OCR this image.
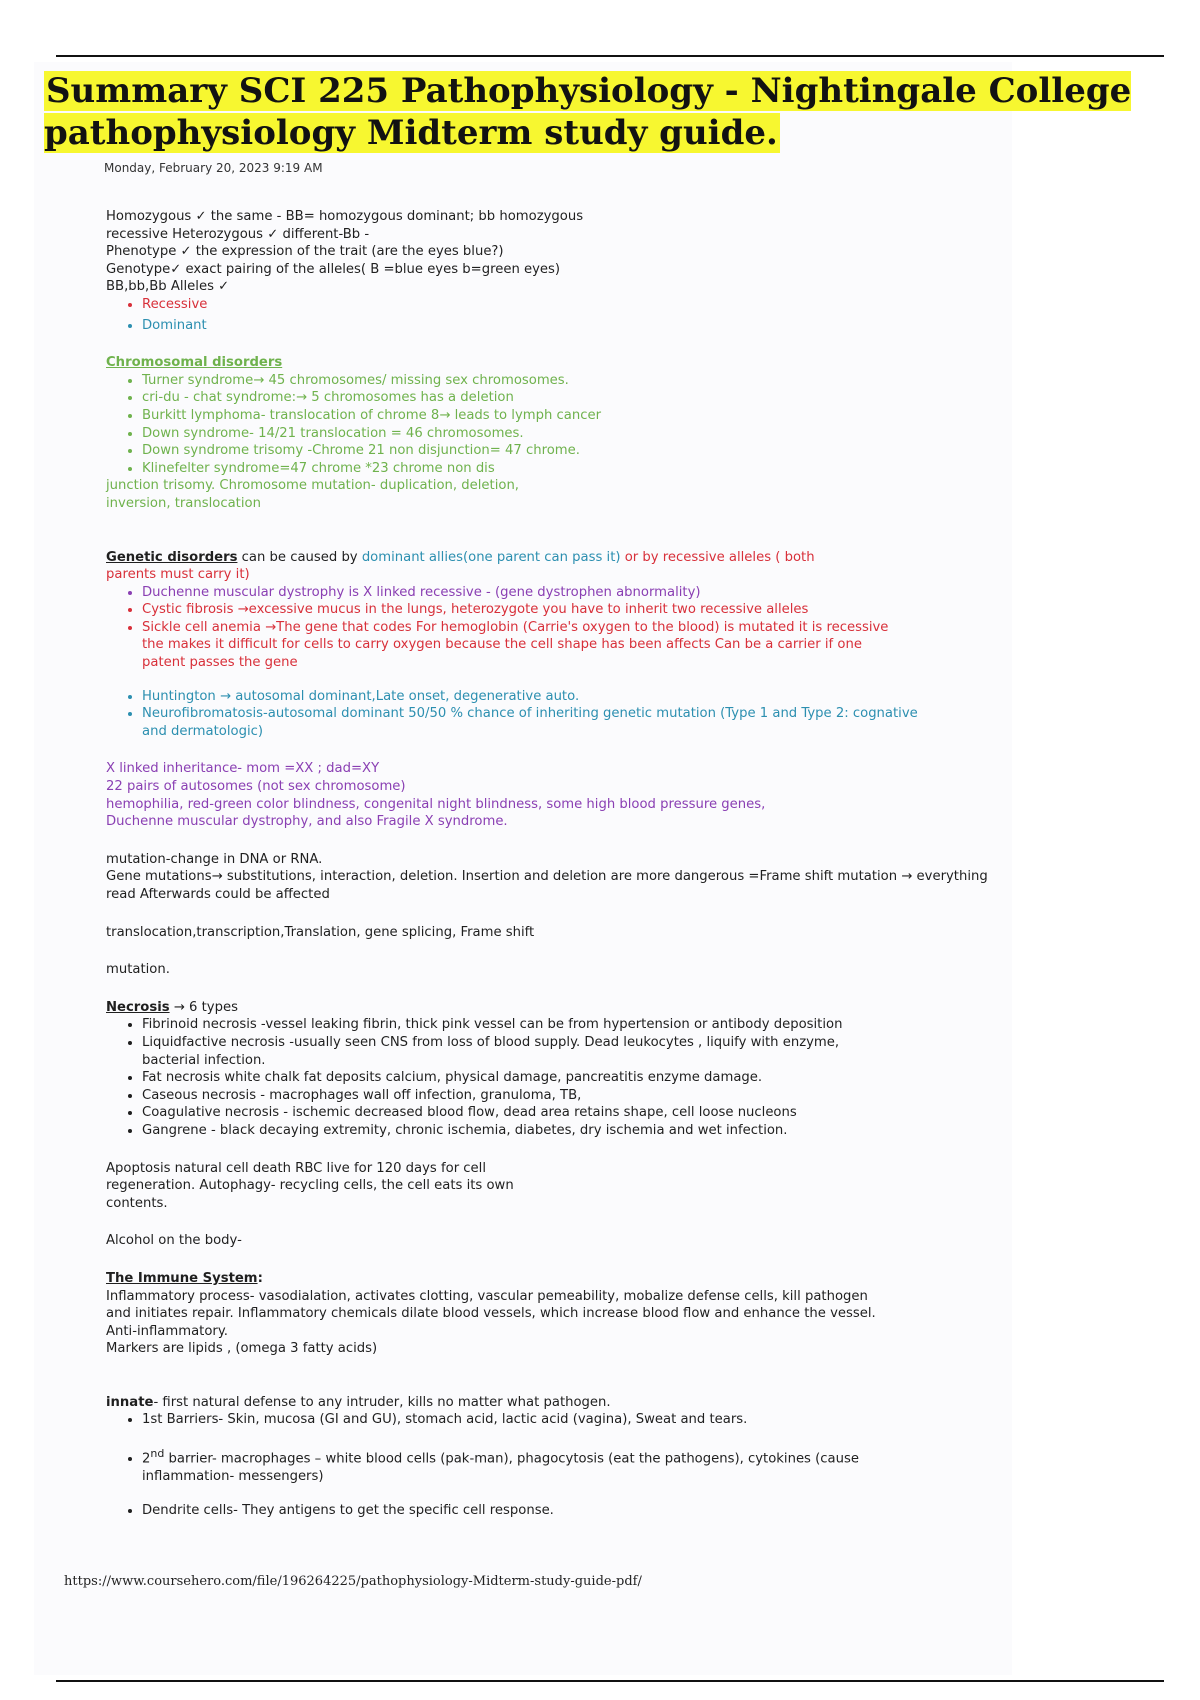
Summary SCI 225 Pathophysiology - Nightingale College pathophysiology Midterm study guide.

Monday, February 20, 2023 9:19 AM

Homozygous ✓ the same - BB= homozygous dominant; bb homozygous

recessive Heterozygous ✓ different-Bb -

Phenotype ✓ the expression of the trait (are the eyes blue?)

Genotype✓ exact pairing of the alleles( B =blue eyes b=green eyes)

BB,bb,Bb Alleles ✓

• Recessive
• Dominant

Chromosomal disorders

• Turner syndrome→ 45 chromosomes/ missing sex chromosomes.
• cri-du - chat syndrome:→ 5 chromosomes has a deletion
• Burkitt lymphoma- translocation of chrome 8→ leads to lymph cancer
• Down syndrome- 14/21 translocation = 46 chromosomes.
• Down syndrome trisomy -Chrome 21 non disjunction= 47 chrome.
• Klinefelter syndrome=47 chrome *23 chrome non dis

junction trisomy. Chromosome mutation- duplication, deletion,

inversion, translocation

Genetic disorders can be caused by dominant allies(one parent can pass it) or by recessive alleles ( both parents must carry it)

• Duchenne muscular dystrophy is X linked recessive - (gene dystrophen abnormality)
• Cystic fibrosis →excessive mucus in the lungs, heterozygote you have to inherit two recessive alleles
• Sickle cell anemia →The gene that codes For hemoglobin (Carrie's oxygen to the blood) is mutated it is recessive the makes it difficult for cells to carry oxygen because the cell shape has been affects Can be a carrier if one patent passes the gene
• Huntington → autosomal dominant,Late onset, degenerative auto.
• Neurofibromatosis-autosomal dominant 50/50 % chance of inheriting genetic mutation (Type 1 and Type 2: cognative and dermatologic)

X linked inheritance- mom =XX ; dad=XY

22 pairs of autosomes (not sex chromosome)

hemophilia, red-green color blindness, congenital night blindness, some high blood pressure genes,

Duchenne muscular dystrophy, and also Fragile X syndrome.

mutation-change in DNA or RNA.

Gene mutations→ substitutions, interaction, deletion. Insertion and deletion are more dangerous =Frame shift mutation → everything read Afterwards could be affected

translocation,transcription,Translation, gene splicing, Frame shift

mutation.

Necrosis → 6 types

• Fibrinoid necrosis -vessel leaking fibrin, thick pink vessel can be from hypertension or antibody deposition
• Liquidfactive necrosis -usually seen CNS from loss of blood supply. Dead leukocytes , liquify with enzyme, bacterial infection.
• Fat necrosis white chalk fat deposits calcium, physical damage, pancreatitis enzyme damage.
• Caseous necrosis - macrophages wall off infection, granuloma, TB,
• Coagulative necrosis - ischemic decreased blood flow, dead area retains shape, cell loose nucleons
• Gangrene - black decaying extremity, chronic ischemia, diabetes, dry ischemia and wet infection.

Apoptosis natural cell death RBC live for 120 days for cell

regeneration. Autophagy- recycling cells, the cell eats its own

contents.

Alcohol on the body-

The Immune System:

Inflammatory process- vasodialation, activates clotting, vascular pemeability, mobalize defense cells, kill pathogen and initiates repair. Inflammatory chemicals dilate blood vessels, which increase blood flow and enhance the vessel. Anti-inflammatory.

Markers are lipids , (omega 3 fatty acids)

innate- first natural defense to any intruder, kills no matter what pathogen.

• 1st Barriers- Skin, mucosa (GI and GU), stomach acid, lactic acid (vagina), Sweat and tears.
• 2nd barrier- macrophages – white blood cells (pak-man), phagocytosis (eat the pathogens), cytokines (cause inflammation- messengers)
• Dendrite cells- They antigens to get the specific cell response.

https://www.coursehero.com/file/196264225/pathophysiology-Midterm-study-guide-pdf/
